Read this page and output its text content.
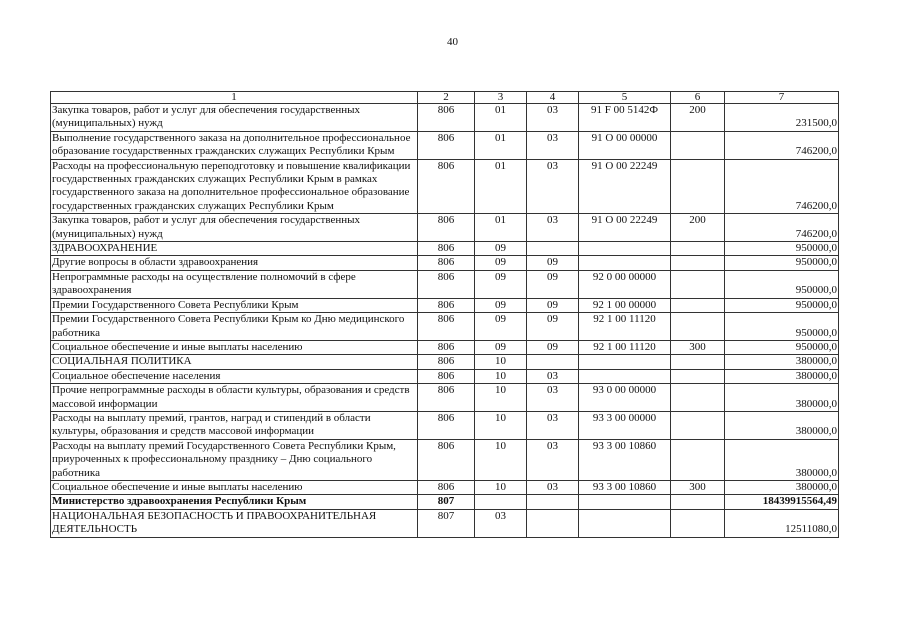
40
1	2	3	4	5	6	7
Закупка товаров, работ и услуг для обеспечения государственных (муниципальных) нужд	806	01	03	91 F 00 5142Ф	200	231500,0
Выполнение государственного заказа на дополнительное профессиональное образование государственных гражданских служащих Республики Крым	806	01	03	91 О 00 00000		746200,0
Расходы на профессиональную переподготовку и повышение квалификации государственных гражданских служащих Республики Крым в рамках государственного заказа на дополнительное профессиональное образование государственных гражданских служащих Республики Крым	806	01	03	91 О 00 22249		746200,0
Закупка товаров, работ и услуг для обеспечения государственных (муниципальных) нужд	806	01	03	91 О 00 22249	200	746200,0
ЗДРАВООХРАНЕНИЕ	806	09				950000,0
Другие вопросы в области здравоохранения	806	09	09			950000,0
Непрограммные расходы на осуществление полномочий в сфере здравоохранения	806	09	09	92 0 00 00000		950000,0
Премии Государственного Совета Республики Крым	806	09	09	92 1 00 00000		950000,0
Премии Государственного Совета Республики Крым ко Дню медицинского работника	806	09	09	92 1 00 11120		950000,0
Социальное обеспечение и иные выплаты населению	806	09	09	92 1 00 11120	300	950000,0
СОЦИАЛЬНАЯ ПОЛИТИКА	806	10				380000,0
Социальное обеспечение населения	806	10	03			380000,0
Прочие непрограммные расходы в области культуры, образования и средств массовой информации	806	10	03	93 0 00 00000		380000,0
Расходы на выплату премий, грантов, наград и стипендий в области культуры, образования и средств массовой информации	806	10	03	93 3 00 00000		380000,0
Расходы на выплату премий Государственного Совета Республики Крым, приуроченных к профессиональному празднику – Дню социального работника	806	10	03	93 3 00 10860		380000,0
Социальное обеспечение и иные выплаты населению	806	10	03	93 3 00 10860	300	380000,0
Министерство здравоохранения Республики Крым	807					18439915564,49
НАЦИОНАЛЬНАЯ БЕЗОПАСНОСТЬ И ПРАВООХРАНИТЕЛЬНАЯ ДЕЯТЕЛЬНОСТЬ	807	03				12511080,0
